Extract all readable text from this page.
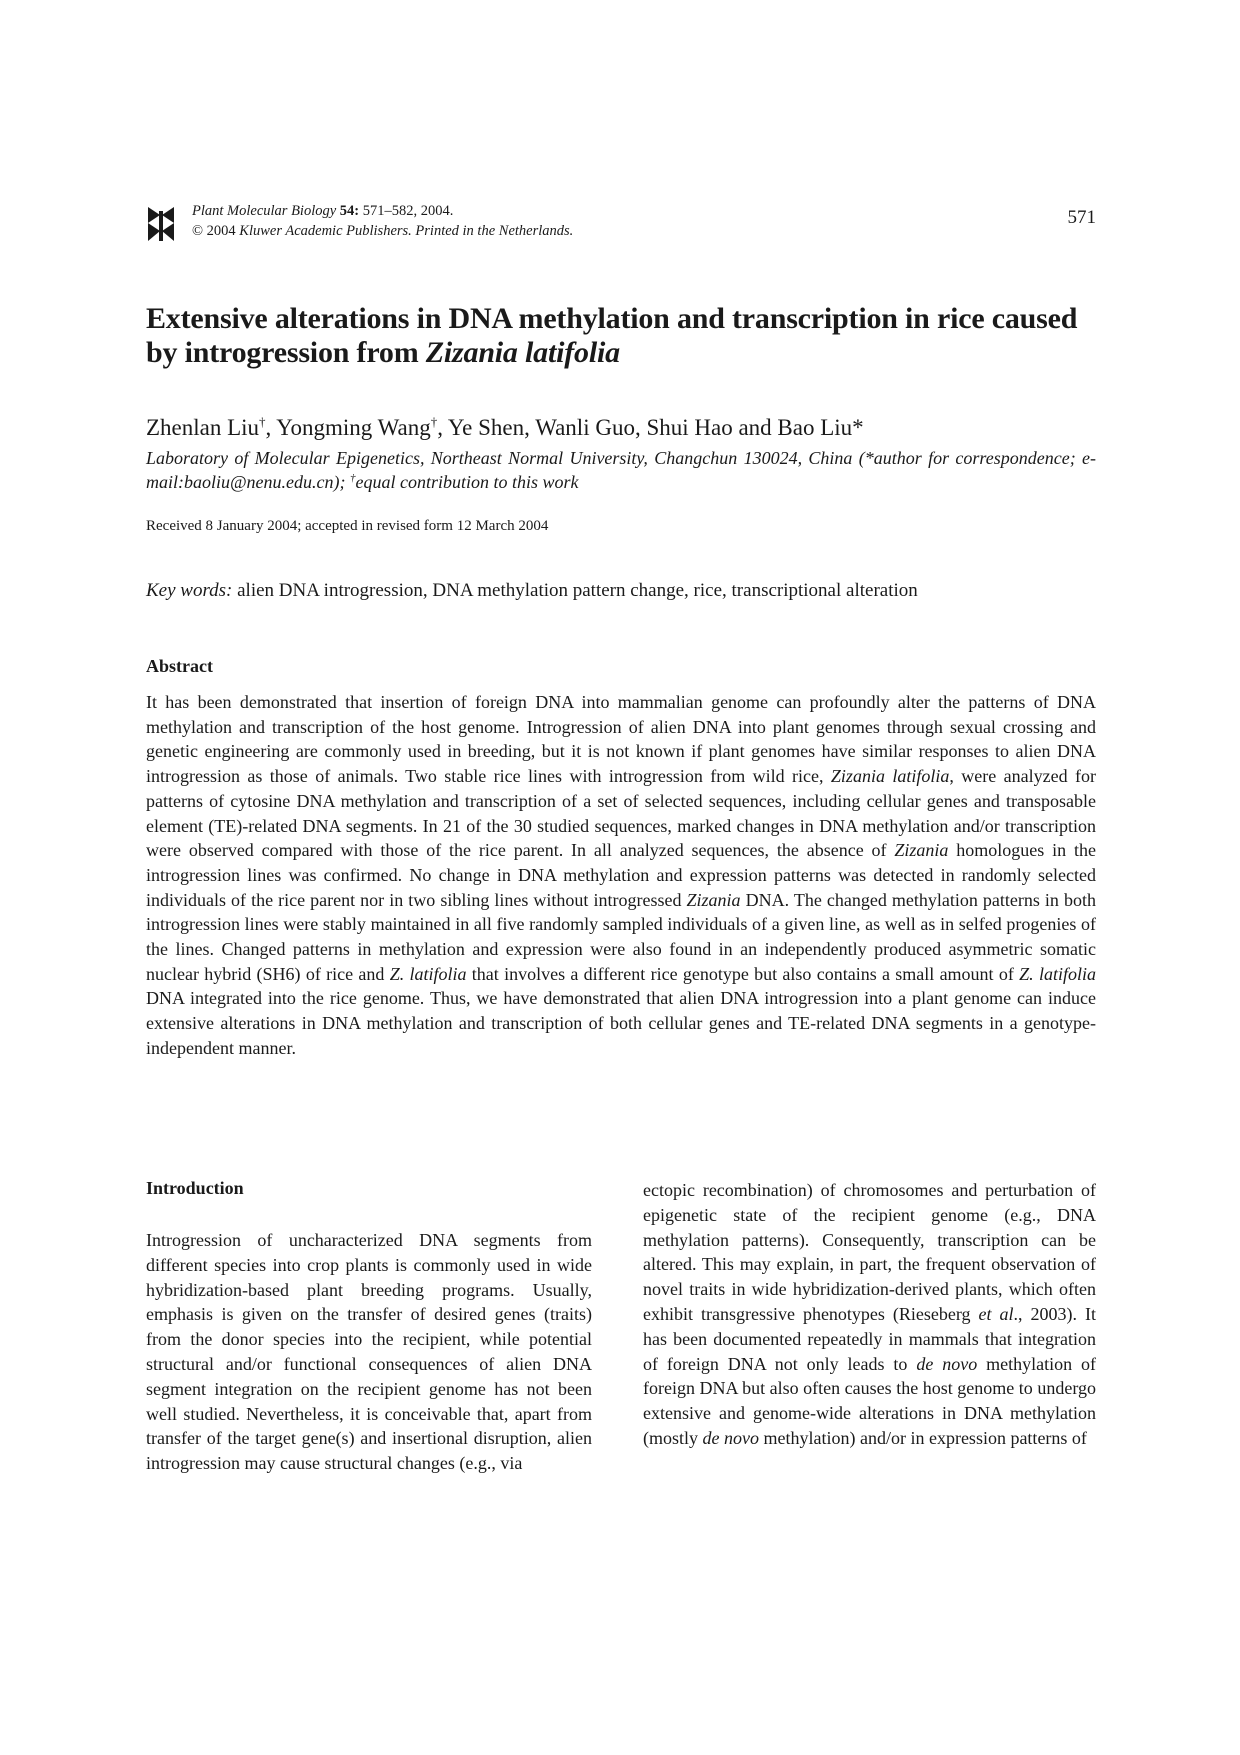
Plant Molecular Biology 54: 571–582, 2004.
© 2004 Kluwer Academic Publishers. Printed in the Netherlands.
571
Extensive alterations in DNA methylation and transcription in rice caused by introgression from Zizania latifolia
Zhenlan Liu†, Yongming Wang†, Ye Shen, Wanli Guo, Shui Hao and Bao Liu*
Laboratory of Molecular Epigenetics, Northeast Normal University, Changchun 130024, China (*author for correspondence; e-mail:baoliu@nenu.edu.cn); †equal contribution to this work
Received 8 January 2004; accepted in revised form 12 March 2004
Key words: alien DNA introgression, DNA methylation pattern change, rice, transcriptional alteration
Abstract

It has been demonstrated that insertion of foreign DNA into mammalian genome can profoundly alter the patterns of DNA methylation and transcription of the host genome. Introgression of alien DNA into plant genomes through sexual crossing and genetic engineering are commonly used in breeding, but it is not known if plant genomes have similar responses to alien DNA introgression as those of animals. Two stable rice lines with introgression from wild rice, Zizania latifolia, were analyzed for patterns of cytosine DNA methylation and transcription of a set of selected sequences, including cellular genes and transposable element (TE)-related DNA segments. In 21 of the 30 studied sequences, marked changes in DNA methylation and/or transcription were observed compared with those of the rice parent. In all analyzed sequences, the absence of Zizania homologues in the introgression lines was confirmed. No change in DNA methylation and expression patterns was detected in randomly selected individuals of the rice parent nor in two sibling lines without introgressed Zizania DNA. The changed methylation patterns in both introgression lines were stably maintained in all five randomly sampled individuals of a given line, as well as in selfed progenies of the lines. Changed patterns in methylation and expression were also found in an independently produced asymmetric somatic nuclear hybrid (SH6) of rice and Z. latifolia that involves a different rice genotype but also contains a small amount of Z. latifolia DNA integrated into the rice genome. Thus, we have demonstrated that alien DNA introgression into a plant genome can induce extensive alterations in DNA methylation and transcription of both cellular genes and TE-related DNA segments in a genotype-independent manner.

Introduction

Introgression of uncharacterized DNA segments from different species into crop plants is commonly used in wide hybridization-based plant breeding programs. Usually, emphasis is given on the transfer of desired genes (traits) from the donor species into the recipient, while potential structural and/or functional consequences of alien DNA segment integration on the recipient genome has not been well studied. Nevertheless, it is conceivable that, apart from transfer of the target gene(s) and insertional disruption, alien introgression may cause structural changes (e.g., via

ectopic recombination) of chromosomes and perturbation of epigenetic state of the recipient genome (e.g., DNA methylation patterns). Consequently, transcription can be altered. This may explain, in part, the frequent observation of novel traits in wide hybridization-derived plants, which often exhibit transgressive phenotypes (Rieseberg et al., 2003). It has been documented repeatedly in mammals that integration of foreign DNA not only leads to de novo methylation of foreign DNA but also often causes the host genome to undergo extensive and genome-wide alterations in DNA methylation (mostly de novo methylation) and/or in expression patterns of
